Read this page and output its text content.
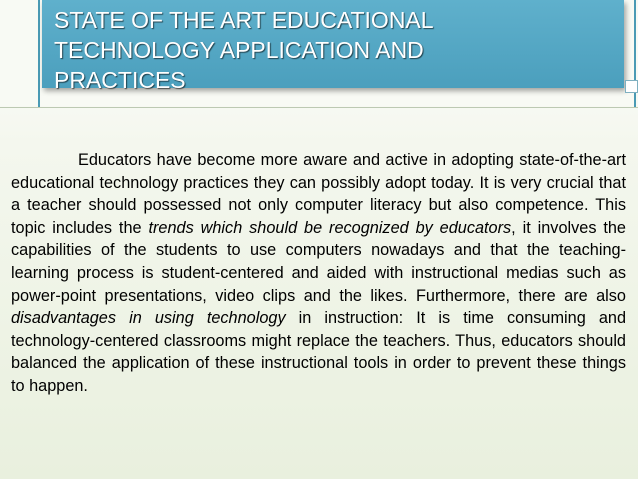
STATE OF THE ART EDUCATIONAL
TECHNOLOGY APPLICATION AND
PRACTICES

Educators have become more aware and active in adopting state-of-the-art educational technology practices they can possibly adopt today. It is very crucial that a teacher should possessed not only computer literacy but also competence. This topic includes the trends which should be recognized by educators, it involves the capabilities of the students to use computers nowadays and that the teaching-learning process is student-centered and aided with instructional medias such as power-point presentations, video clips and the likes. Furthermore, there are also disadvantages in using technology in instruction: It is time consuming and technology-centered classrooms might replace the teachers. Thus, educators should balanced the application of these instructional tools in order to prevent these things to happen.
